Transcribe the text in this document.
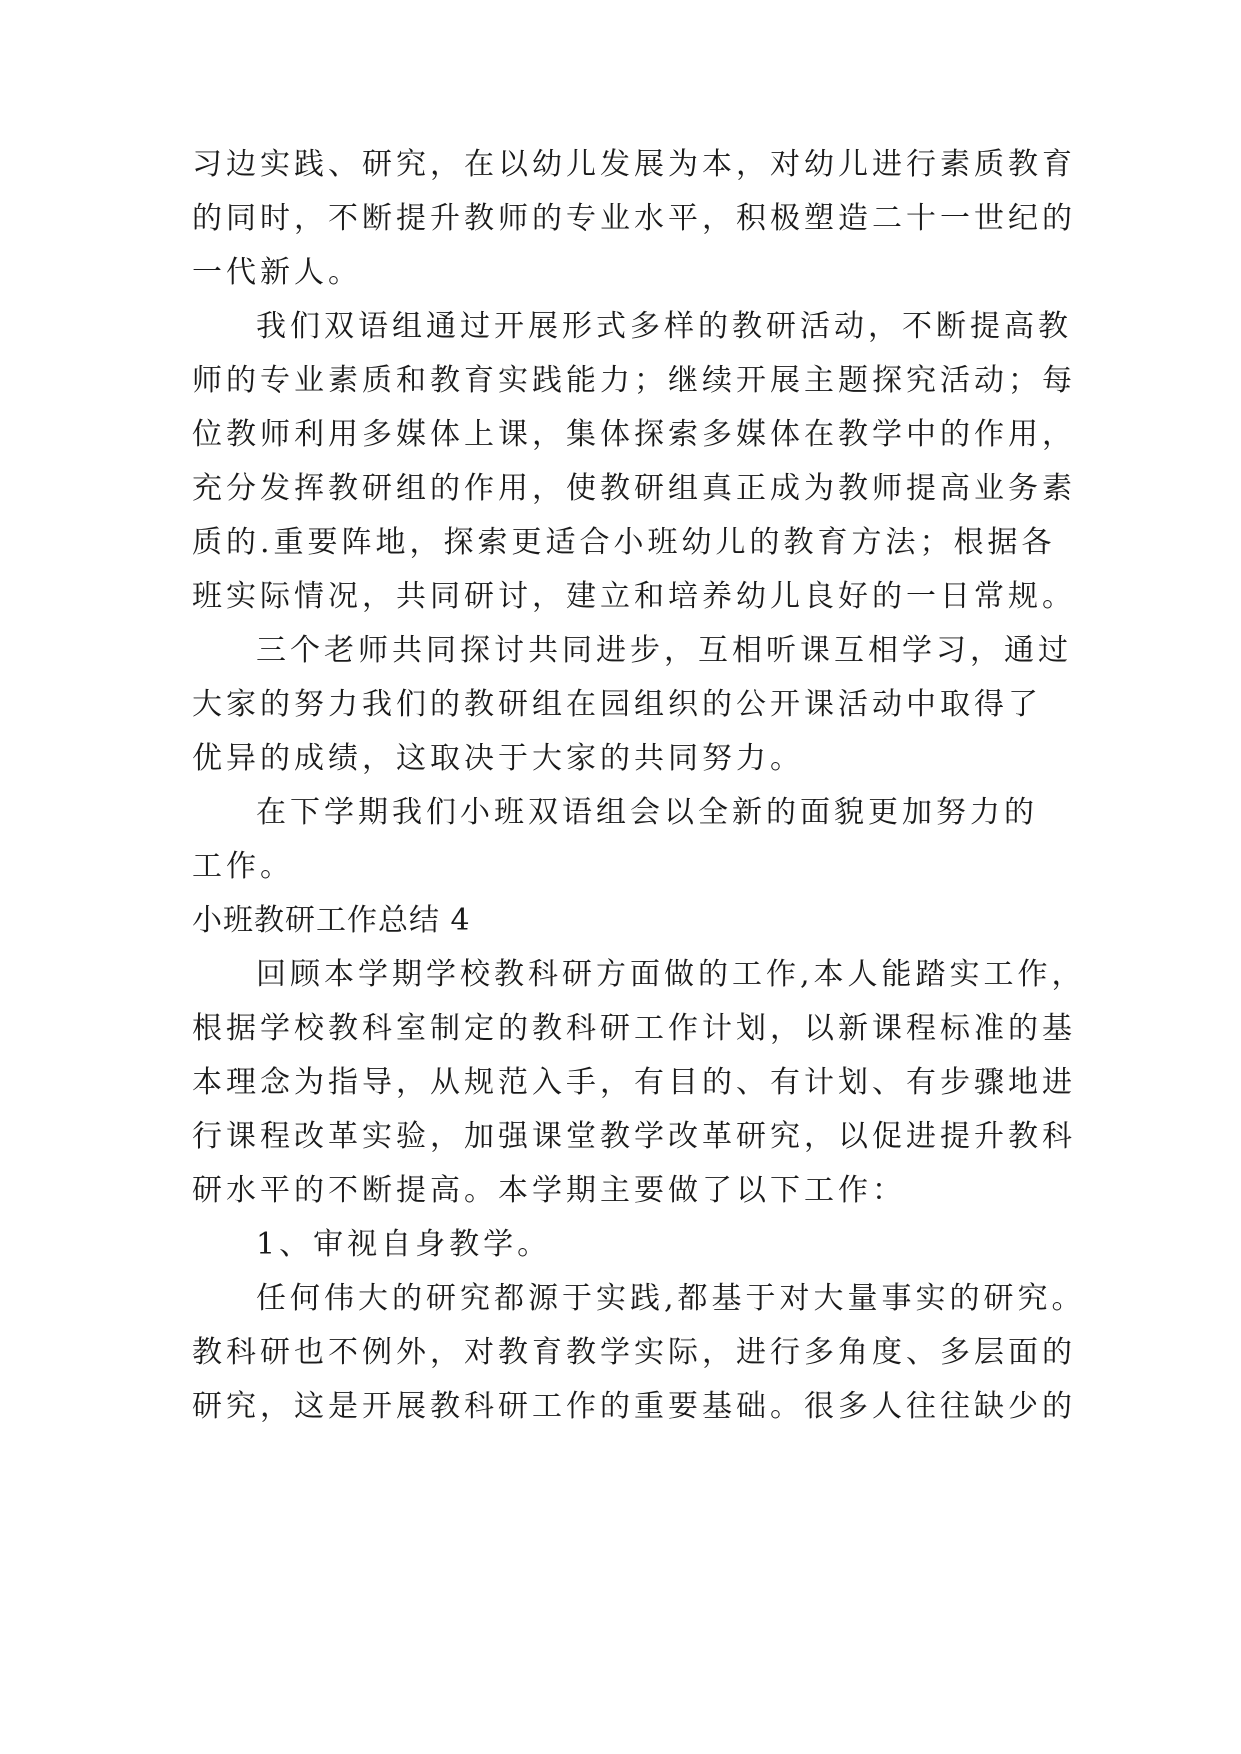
习边实践、研究，在以幼儿发展为本，对幼儿进行素质教育
的同时，不断提升教师的专业水平，积极塑造二十一世纪的
一代新人。
我们双语组通过开展形式多样的教研活动，不断提高教
师的专业素质和教育实践能力；继续开展主题探究活动；每
位教师利用多媒体上课，集体探索多媒体在教学中的作用，
充分发挥教研组的作用，使教研组真正成为教师提高业务素
质的.重要阵地，探索更适合小班幼儿的教育方法；根据各
班实际情况，共同研讨，建立和培养幼儿良好的一日常规。
三个老师共同探讨共同进步，互相听课互相学习，通过
大家的努力我们的教研组在园组织的公开课活动中取得了
优异的成绩，这取决于大家的共同努力。
在下学期我们小班双语组会以全新的面貌更加努力的
工作。
小班教研工作总结 4
回顾本学期学校教科研方面做的工作,本人能踏实工作，
根据学校教科室制定的教科研工作计划，以新课程标准的基
本理念为指导，从规范入手，有目的、有计划、有步骤地进
行课程改革实验，加强课堂教学改革研究，以促进提升教科
研水平的不断提高。本学期主要做了以下工作：
1、审视自身教学。
任何伟大的研究都源于实践,都基于对大量事实的研究。
教科研也不例外，对教育教学实际，进行多角度、多层面的
研究，这是开展教科研工作的重要基础。很多人往往缺少的
